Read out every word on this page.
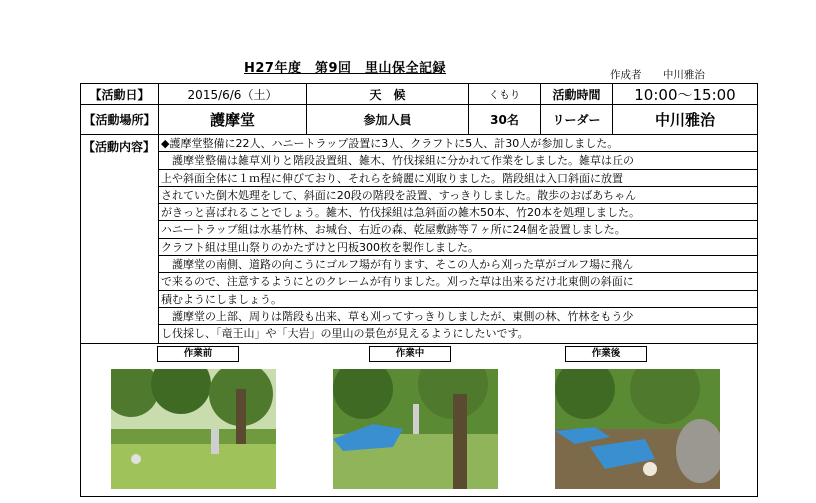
H27年度　第9回　里山保全記録	作成者 中川雅治
【活動日】	2015/6/6（土）	天　候	くもり	活動時間	10:00〜15:00
【活動場所】	護摩堂	参加人員	30名	リーダー	中川雅治
【活動内容】 ◆護摩堂整備に22人、ハニートラップ設置に3人、クラフトに5人、計30人が参加しました。
　護摩堂整備は雑草刈りと階段設置組、雑木、竹伐採組に分かれて作業をしました。雑草は丘の
上や斜面全体に１ｍ程に伸びており、それらを綺麗に刈取りました。階段組は入口斜面に放置
されていた倒木処理をして、斜面に20段の階段を設置、すっきりしました。散歩のおばあちゃん
がきっと喜ばれることでしょう。雑木、竹伐採組は急斜面の雑木50本、竹20本を処理しました。
ハニートラップ組は水基竹林、お城台、右近の森、乾屋敷跡等７ヶ所に24個を設置しました。
クラフト組は里山祭りのかたずけと円板300枚を製作しました。
　護摩堂の南側、道路の向こうにゴルフ場が有ります、そこの人から刈った草がゴルフ場に飛ん
で来るので、注意するようにとのクレームが有りました。刈った草は出来るだけ北東側の斜面に
積むようにしましょう。
　護摩堂の上部、周りは階段も出来、草も刈ってすっきりしましたが、東側の林、竹林をもう少
し伐採し、「竜王山」や「大岩」の里山の景色が見えるようにしたいです。
作業前	作業中	作業後
